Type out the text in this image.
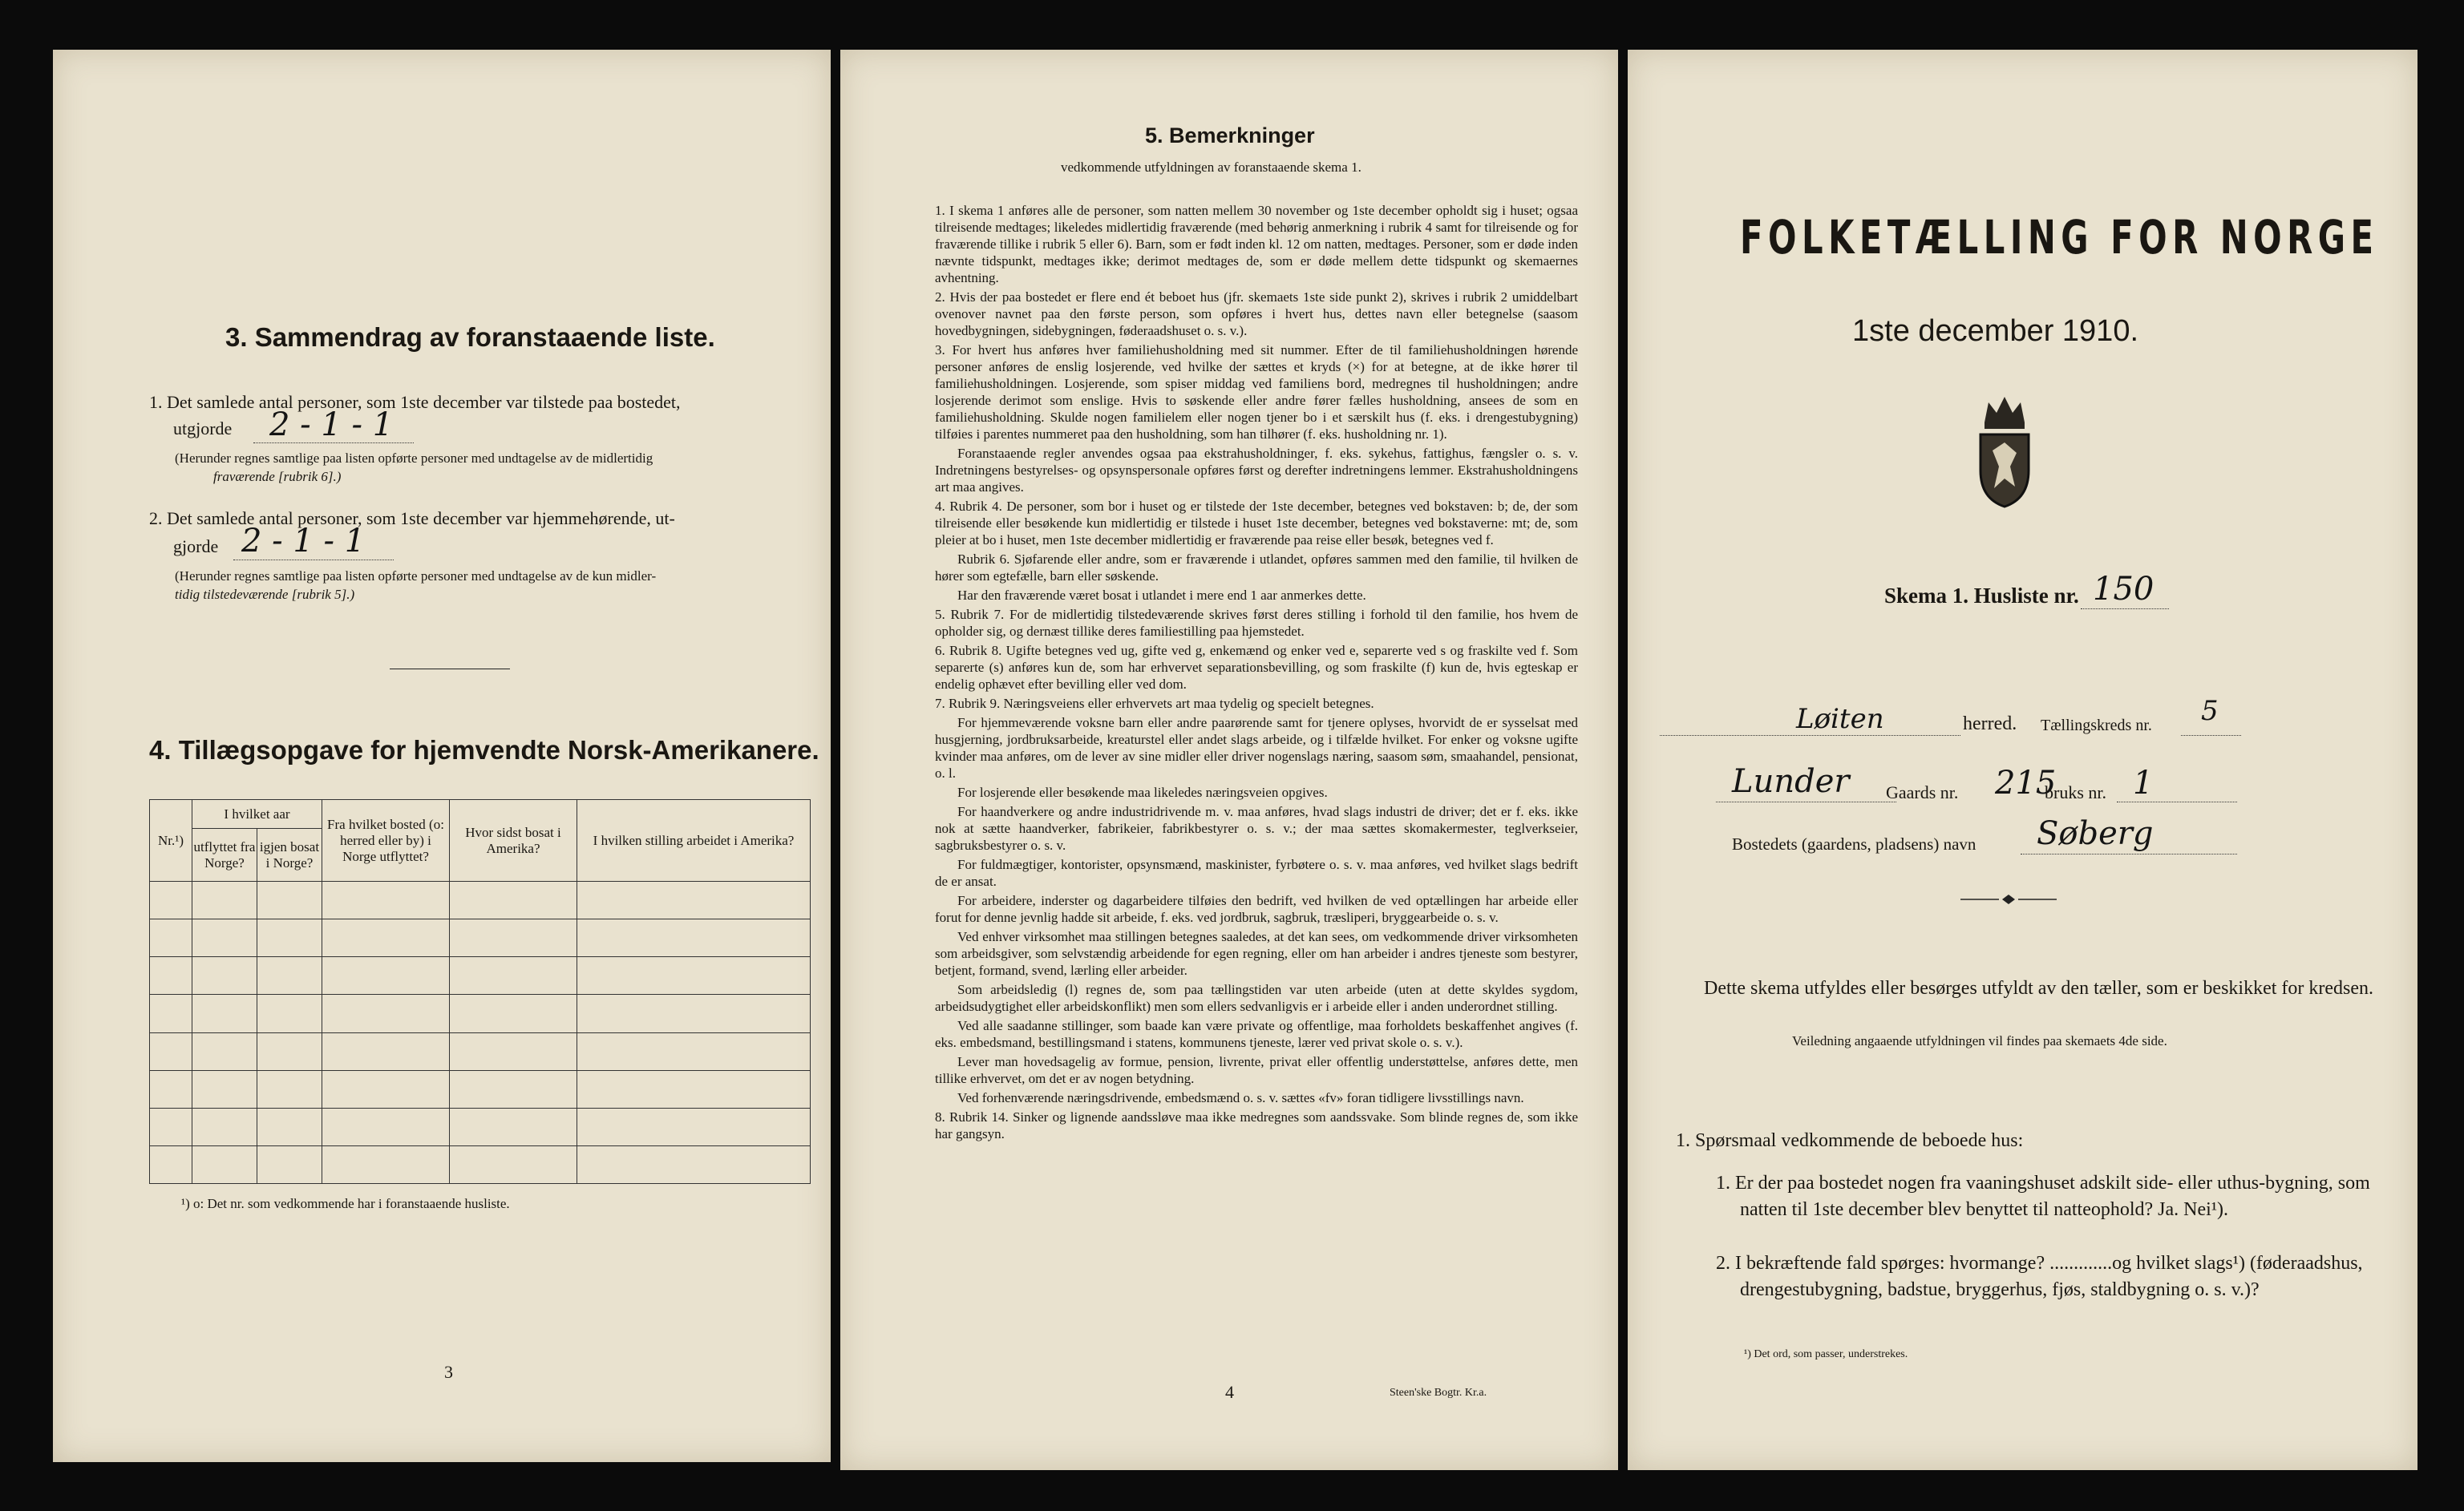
3. Sammendrag av foranstaaende liste.
1. Det samlede antal personer, som 1ste december var tilstede paa bostedet,
utgjorde 2 - 1 - 1
(Herunder regnes samtlige paa listen opførte personer med undtagelse av de midlertidig
fraværende [rubrik 6].)
2. Det samlede antal personer, som 1ste december var hjemmehørende, ut-
gjorde 2 - 1 - 1
(Herunder regnes samtlige paa listen opførte personer med undtagelse av de kun midler-
tidig tilstedeværende [rubrik 5].)
4. Tillægsopgave for hjemvendte Norsk-Amerikanere.
Nr.¹)	I hvilket aar		Fra hvilket bosted (o: herred eller by) i Norge utflyttet?	Hvor sidst bosat i Amerika?	I hvilken stilling arbeidet i Amerika?
	utflyttet fra Norge?	igjen bosat i Norge?			

¹) o: Det nr. som vedkommende har i foranstaaende husliste.
3
5. Bemerkninger
vedkommende utfyldningen av foranstaaende skema 1.

1. I skema 1 anføres alle de personer, som natten mellem 30 november og 1ste december opholdt sig i huset; ogsaa tilreisende medtages; likeledes midlertidig fraværende (med behørig anmerkning i rubrik 4 samt for tilreisende og for fraværende tillike i rubrik 5 eller 6). Barn, som er født inden kl. 12 om natten, medtages. Personer, som er døde inden nævnte tidspunkt, medtages ikke; derimot medtages de, som er døde mellem dette tidspunkt og skemaernes avhentning.

2. Hvis der paa bostedet er flere end ét beboet hus (jfr. skemaets 1ste side punkt 2), skrives i rubrik 2 umiddelbart ovenover navnet paa den første person, som opføres i hvert hus, dettes navn eller betegnelse (saasom hovedbygningen, sidebygningen, føderaadshuset o. s. v.).

3. For hvert hus anføres hver familiehusholdning med sit nummer. Efter de til familiehusholdningen hørende personer anføres de enslig losjerende, ved hvilke der sættes et kryds (×) for at betegne, at de ikke hører til familiehusholdningen. Losjerende, som spiser middag ved familiens bord, medregnes til husholdningen; andre losjerende derimot som enslige. Hvis to søskende eller andre fører fælles husholdning, ansees de som en familiehusholdning. Skulde nogen familielem eller nogen tjener bo i et særskilt hus (f. eks. i drengestubygning) tilføies i parentes nummeret paa den husholdning, som han tilhører (f. eks. husholdning nr. 1).

Foranstaaende regler anvendes ogsaa paa ekstrahusholdninger, f. eks. sykehus, fattighus, fængsler o. s. v. Indretningens bestyrelses- og opsynspersonale opføres først og derefter indretningens lemmer. Ekstrahusholdningens art maa angives.

4. Rubrik 4. De personer, som bor i huset og er tilstede der 1ste december, betegnes ved bokstaven: b; de, der som tilreisende eller besøkende kun midlertidig er tilstede i huset 1ste december, betegnes ved bokstaverne: mt; de, som pleier at bo i huset, men 1ste december midlertidig er fraværende paa reise eller besøk, betegnes ved f.

Rubrik 6. Sjøfarende eller andre, som er fraværende i utlandet, opføres sammen med den familie, til hvilken de hører som egtefælle, barn eller søskende.

Har den fraværende været bosat i utlandet i mere end 1 aar anmerkes dette.

5. Rubrik 7. For de midlertidig tilstedeværende skrives først deres stilling i forhold til den familie, hos hvem de opholder sig, og dernæst tillike deres familiestilling paa hjemstedet.

6. Rubrik 8. Ugifte betegnes ved ug, gifte ved g, enkemænd og enker ved e, separerte ved s og fraskilte ved f. Som separerte (s) anføres kun de, som har erhvervet separationsbevilling, og som fraskilte (f) kun de, hvis egteskap er endelig ophævet efter bevilling eller ved dom.

7. Rubrik 9. Næringsveiens eller erhvervets art maa tydelig og specielt betegnes.

For hjemmeværende voksne barn eller andre paarørende samt for tjenere oplyses, hvorvidt de er sysselsat med husgjerning, jordbruksarbeide, kreaturstel eller andet slags arbeide, og i tilfælde hvilket. For enker og voksne ugifte kvinder maa anføres, om de lever av sine midler eller driver nogenslags næring, saasom søm, smaahandel, pensionat, o. l.

For losjerende eller besøkende maa likeledes næringsveien opgives.

For haandverkere og andre industridrivende m. v. maa anføres, hvad slags industri de driver; det er f. eks. ikke nok at sætte haandverker, fabrikeier, fabrikbestyrer o. s. v.; der maa sættes skomakermester, teglverkseier, sagbruksbestyrer o. s. v.

For fuldmægtiger, kontorister, opsynsmænd, maskinister, fyrbøtere o. s. v. maa anføres, ved hvilket slags bedrift de er ansat.

For arbeidere, inderster og dagarbeidere tilføies den bedrift, ved hvilken de ved optællingen har arbeide eller forut for denne jevnlig hadde sit arbeide, f. eks. ved jordbruk, sagbruk, træsliperi, bryggearbeide o. s. v.

Ved enhver virksomhet maa stillingen betegnes saaledes, at det kan sees, om vedkommende driver virksomheten som arbeidsgiver, som selvstændig arbeidende for egen regning, eller om han arbeider i andres tjeneste som bestyrer, betjent, formand, svend, lærling eller arbeider.

Som arbeidsledig (l) regnes de, som paa tællingstiden var uten arbeide (uten at dette skyldes sygdom, arbeidsudygtighet eller arbeidskonflikt) men som ellers sedvanligvis er i arbeide eller i anden underordnet stilling.

Ved alle saadanne stillinger, som baade kan være private og offentlige, maa forholdets beskaffenhet angives (f. eks. embedsmand, bestillingsmand i statens, kommunens tjeneste, lærer ved privat skole o. s. v.).

Lever man hovedsagelig av formue, pension, livrente, privat eller offentlig understøttelse, anføres dette, men tillike erhvervet, om det er av nogen betydning.

Ved forhenværende næringsdrivende, embedsmænd o. s. v. sættes «fv» foran tidligere livsstillings navn.

8. Rubrik 14. Sinker og lignende aandssløve maa ikke medregnes som aandssvake. Som blinde regnes de, som ikke har gangsyn.

4	Steen'ske Bogtr. Kr.a.
FOLKETÆLLING FOR NORGE
1ste december 1910.
Skema 1. Husliste nr. 150
Løiten	herred. Tællingskreds nr. 5
Lunder Gaards nr. 215
bruks nr. 1
Bostedets (gaardens, pladsens) navn Søberg
Dette skema utfyldes eller besørges utfyldt av den tæller, som er beskikket for kredsen.
Veiledning angaaende utfyldningen vil findes paa skemaets 4de side.
1. Spørsmaal vedkommende de beboede hus:
1. Er der paa bostedet nogen fra vaaningshuset adskilt side- eller uthus-bygning, som natten til 1ste december blev benyttet til natteophold? Ja. Nei¹).
2. I bekræftende fald spørges: hvormange? .............og hvilket slags¹) (føderaadshus, drengestubygning, badstue, bryggerhus, fjøs, staldbygning o. s. v.)?
¹) Det ord, som passer, understrekes.
